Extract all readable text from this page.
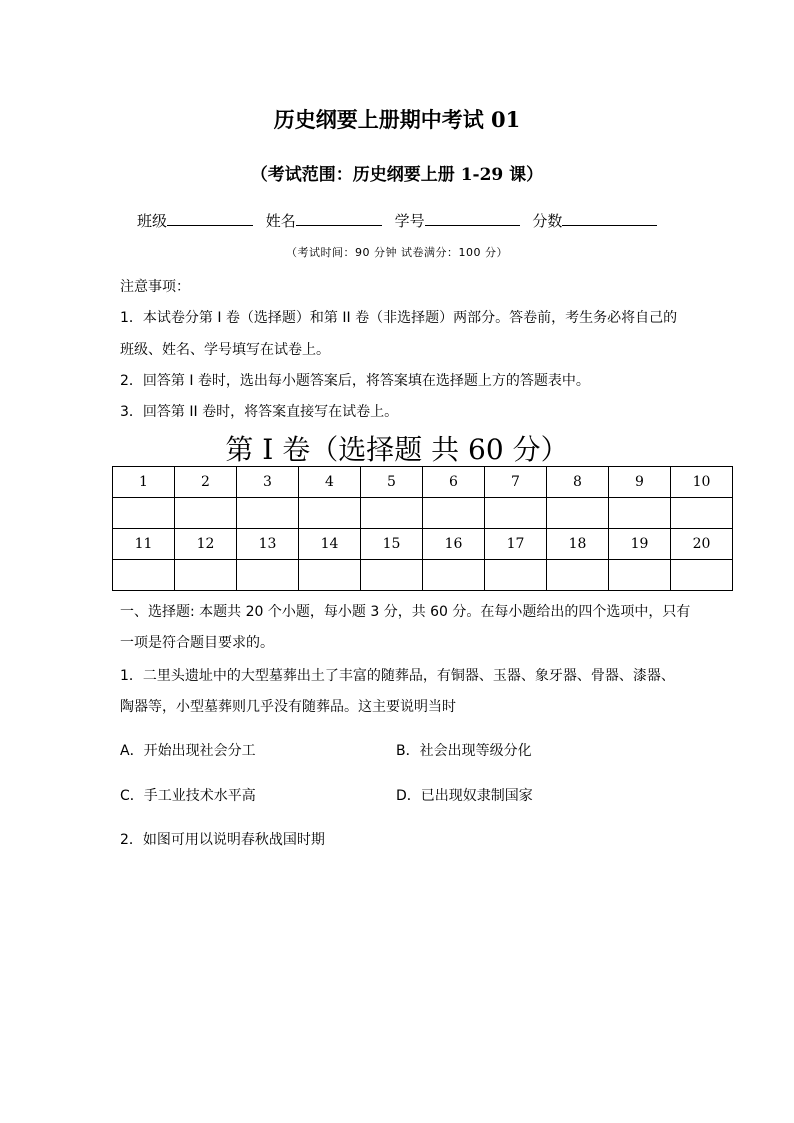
历史纲要上册期中考试 01
（考试范围：历史纲要上册 1-29 课）
班级	姓名	学号	分数
（考试时间：90 分钟 试卷满分：100 分）
注意事项：
1．本试卷分第 I 卷（选择题）和第 II 卷（非选择题）两部分。答卷前，考生务必将自己的
班级、姓名、学号填写在试卷上。
2．回答第 I 卷时，选出每小题答案后，将答案填在选择题上方的答题表中。
3．回答第 II 卷时，将答案直接写在试卷上。
第 I 卷（选择题 共 60 分）
1	2	3	4	5	6	7	8	9	10

11	12	13	14	15	16	17	18	19	20

一、选择题: 本题共 20 个小题，每小题 3 分，共 60 分。在每小题给出的四个选项中，只有
一项是符合题目要求的。
1．二里头遗址中的大型墓葬出土了丰富的随葬品，有铜器、玉器、象牙器、骨器、漆器、
陶器等，小型墓葬则几乎没有随葬品。这主要说明当时
A．开始出现社会分工	B．社会出现等级分化
C．手工业技术水平高	D．已出现奴隶制国家
2．如图可用以说明春秋战国时期
